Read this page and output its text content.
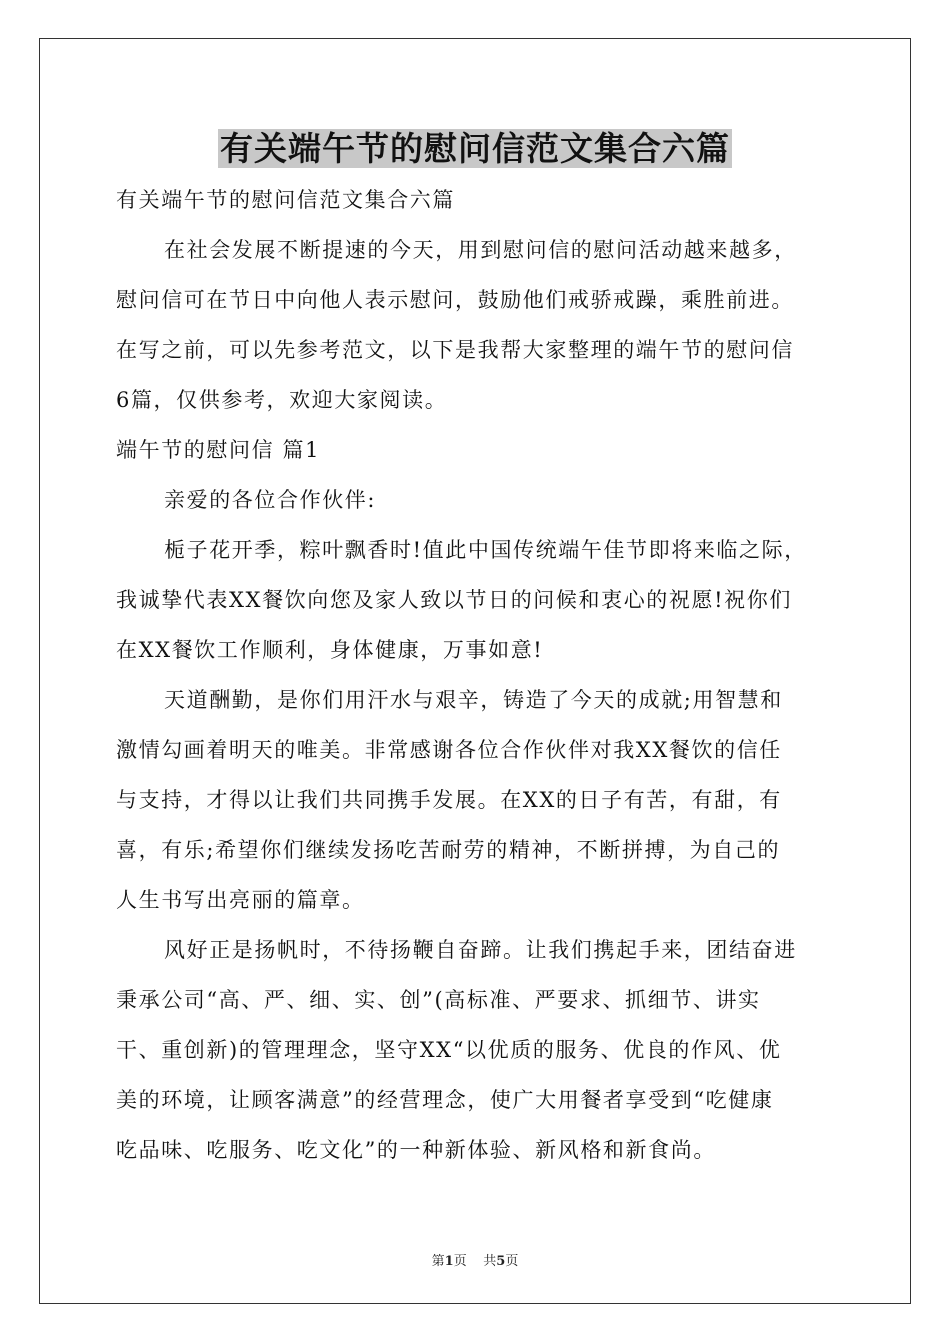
有关端午节的慰问信范文集合六篇
有关端午节的慰问信范文集合六篇
在社会发展不断提速的今天，用到慰问信的慰问活动越来越多，
慰问信可在节日中向他人表示慰问，鼓励他们戒骄戒躁，乘胜前进。
在写之前，可以先参考范文，以下是我帮大家整理的端午节的慰问信
6篇，仅供参考，欢迎大家阅读。
端午节的慰问信 篇1
亲爱的各位合作伙伴:
栀子花开季，粽叶飘香时!值此中国传统端午佳节即将来临之际，
我诚挚代表XX餐饮向您及家人致以节日的问候和衷心的祝愿!祝你们
在XX餐饮工作顺利，身体健康，万事如意!
天道酬勤，是你们用汗水与艰辛，铸造了今天的成就;用智慧和
激情勾画着明天的唯美。非常感谢各位合作伙伴对我XX餐饮的信任
与支持，才得以让我们共同携手发展。在XX的日子有苦，有甜，有
喜，有乐;希望你们继续发扬吃苦耐劳的精神，不断拼搏，为自己的
人生书写出亮丽的篇章。
风好正是扬帆时，不待扬鞭自奋蹄。让我们携起手来，团结奋进
秉承公司“高、严、细、实、创”(高标准、严要求、抓细节、讲实
干、重创新)的管理理念，坚守XX“以优质的服务、优良的作风、优
美的环境，让顾客满意”的经营理念，使广大用餐者享受到“吃健康
吃品味、吃服务、吃文化”的一种新体验、新风格和新食尚。
第1页 共5页
